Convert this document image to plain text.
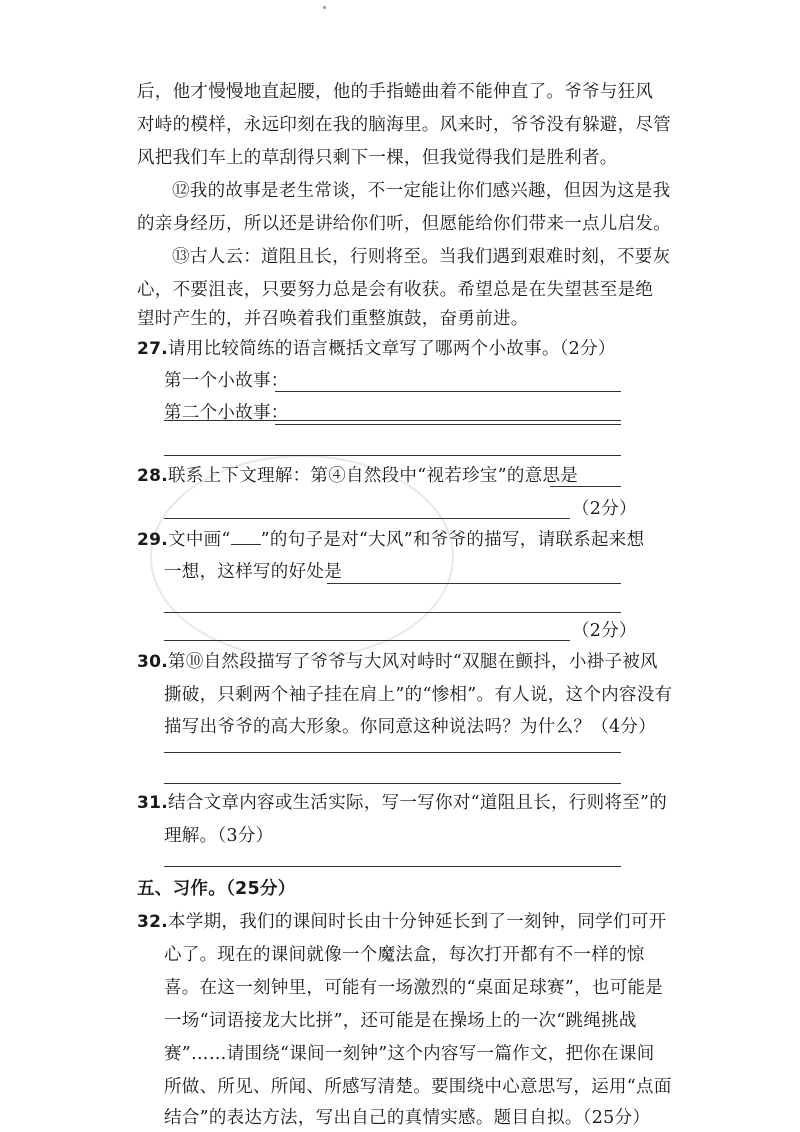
后，他才慢慢地直起腰，他的手指蜷曲着不能伸直了。爷爷与狂风
对峙的模样，永远印刻在我的脑海里。风来时，爷爷没有躲避，尽管
风把我们车上的草刮得只剩下一棵，但我觉得我们是胜利者。
⑫我的故事是老生常谈，不一定能让你们感兴趣，但因为这是我
的亲身经历，所以还是讲给你们听，但愿能给你们带来一点儿启发。
⑬古人云：道阻且长，行则将至。当我们遇到艰难时刻，不要灰
心，不要沮丧，只要努力总是会有收获。希望总是在失望甚至是绝
望时产生的，并召唤着我们重整旗鼓，奋勇前进。
27.请用比较简练的语言概括文章写了哪两个小故事。（2分）
第一个小故事：
第二个小故事：
28.联系上下文理解：第④自然段中“视若珍宝”的意思是
（2分）
29.文中画“ ”的句子是对“大风”和爷爷的描写，请联系起来想
一想，这样写的好处是
（2分）
30.第⑩自然段描写了爷爷与大风对峙时“双腿在颤抖，小褂子被风
撕破，只剩两个袖子挂在肩上”的“惨相”。有人说，这个内容没有
描写出爷爷的高大形象。你同意这种说法吗？为什么？（4分）
31.结合文章内容或生活实际，写一写你对“道阻且长，行则将至”的
理解。（3分）
五、习作。（25分）
32.本学期，我们的课间时长由十分钟延长到了一刻钟，同学们可开
心了。现在的课间就像一个魔法盒，每次打开都有不一样的惊
喜。在这一刻钟里，可能有一场激烈的“桌面足球赛”，也可能是
一场“词语接龙大比拼”，还可能是在操场上的一次“跳绳挑战
赛”……请围绕“课间一刻钟”这个内容写一篇作文，把你在课间
所做、所见、所闻、所感写清楚。要围绕中心意思写，运用“点面
结合”的表达方法，写出自己的真情实感。题目自拟。（25分）
